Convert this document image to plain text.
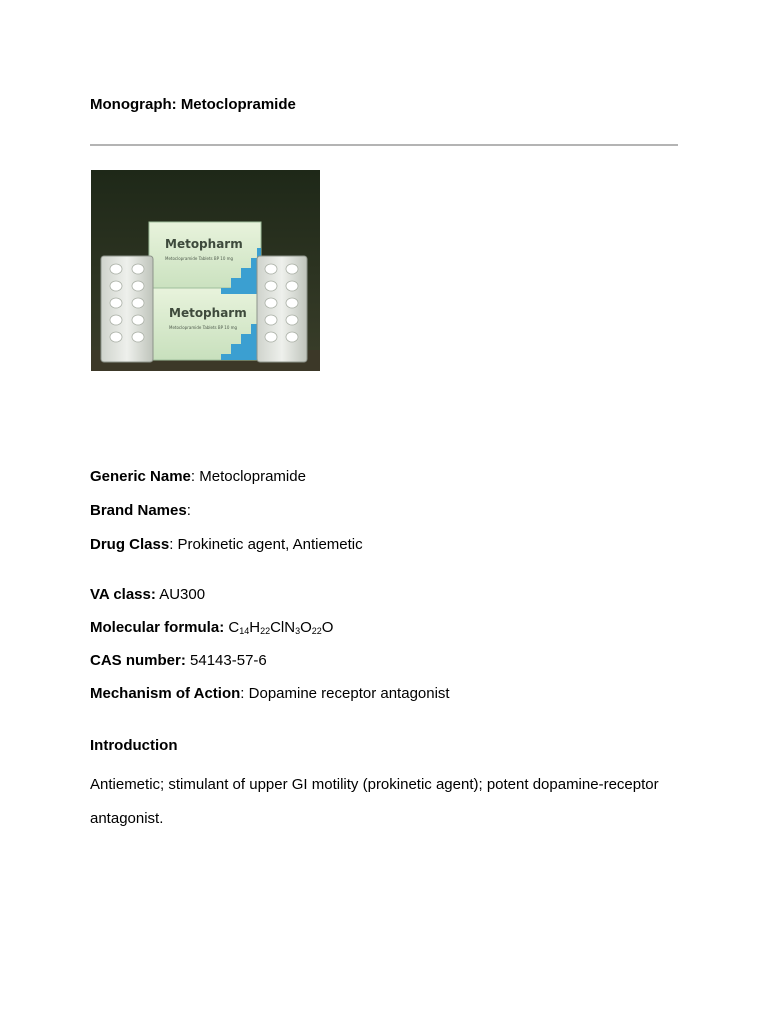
Monograph: Metoclopramide
Metopharm
Metoclopramide Tablets BP 10 mg
Metopharm
Metoclopramide Tablets BP 10 mg
Generic Name: Metoclopramide
Brand Names:
Drug Class: Prokinetic agent, Antiemetic
VA class: AU300
Molecular formula: $C_{14}H_{22}ClN_3O_{22}O$
CAS number: 54143-57-6
Mechanism of Action: Dopamine receptor antagonist
Introduction
Antiemetic; stimulant of upper GI motility (prokinetic agent); potent dopamine-receptor antagonist.
